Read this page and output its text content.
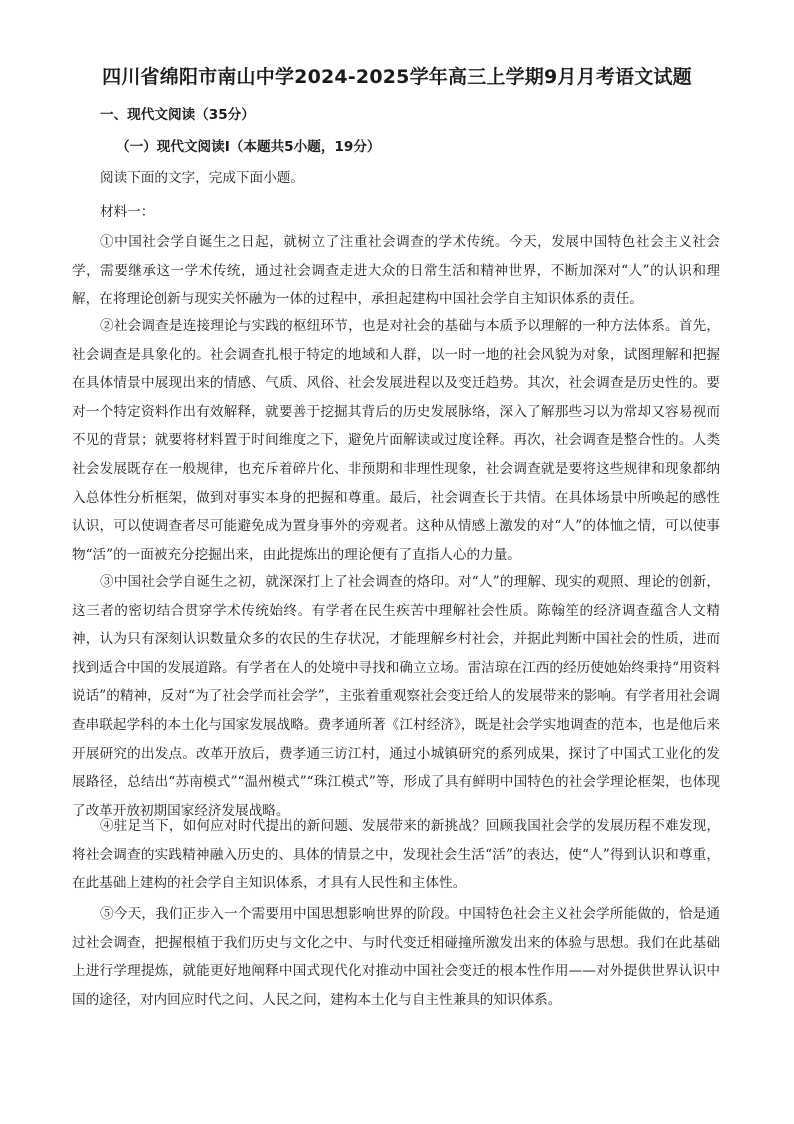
四川省绵阳市南山中学2024-2025学年高三上学期9月月考语文试题
一、现代文阅读（35分）
（一）现代文阅读Ⅰ（本题共5小题，19分）
阅读下面的文字，完成下面小题。
材料一：

①中国社会学自诞生之日起，就树立了注重社会调查的学术传统。今天，发展中国特色社会主义社会学，需要继承这一学术传统，通过社会调查走进大众的日常生活和精神世界，不断加深对“人”的认识和理解，在将理论创新与现实关怀融为一体的过程中，承担起建构中国社会学自主知识体系的责任。

②社会调查是连接理论与实践的枢纽环节，也是对社会的基础与本质予以理解的一种方法体系。首先，社会调查是具象化的。社会调查扎根于特定的地域和人群，以一时一地的社会风貌为对象，试图理解和把握在具体情景中展现出来的情感、气质、风俗、社会发展进程以及变迁趋势。其次，社会调查是历史性的。要对一个特定资料作出有效解释，就要善于挖掘其背后的历史发展脉络，深入了解那些习以为常却又容易视而不见的背景；就要将材料置于时间维度之下，避免片面解读或过度诠释。再次，社会调查是整合性的。人类社会发展既存在一般规律，也充斥着碎片化、非预期和非理性现象，社会调查就是要将这些规律和现象都纳入总体性分析框架，做到对事实本身的把握和尊重。最后，社会调查长于共情。在具体场景中所唤起的感性认识，可以使调查者尽可能避免成为置身事外的旁观者。这种从情感上激发的对“人”的体恤之情，可以使事物“活”的一面被充分挖掘出来，由此提炼出的理论便有了直指人心的力量。

③中国社会学自诞生之初，就深深打上了社会调查的烙印。对“人”的理解、现实的观照、理论的创新，这三者的密切结合贯穿学术传统始终。有学者在民生疾苦中理解社会性质。陈翰笙的经济调查蕴含人文精神，认为只有深刻认识数量众多的农民的生存状况，才能理解乡村社会，并据此判断中国社会的性质，进而找到适合中国的发展道路。有学者在人的处境中寻找和确立立场。雷洁琼在江西的经历使她始终秉持“用资料说话”的精神，反对“为了社会学而社会学”，主张着重观察社会变迁给人的发展带来的影响。有学者用社会调查串联起学科的本土化与国家发展战略。费孝通所著《江村经济》，既是社会学实地调查的范本，也是他后来开展研究的出发点。改革开放后，费孝通三访江村，通过小城镇研究的系列成果，探讨了中国式工业化的发展路径，总结出“苏南模式”“温州模式”“珠江模式”等，形成了具有鲜明中国特色的社会学理论框架，也体现了改革开放初期国家经济发展战略。

④驻足当下，如何应对时代提出的新问题、发展带来的新挑战？回顾我国社会学的发展历程不难发现，将社会调查的实践精神融入历史的、具体的情景之中，发现社会生活“活”的表达，使“人”得到认识和尊重，在此基础上建构的社会学自主知识体系，才具有人民性和主体性。

⑤今天，我们正步入一个需要用中国思想影响世界的阶段。中国特色社会主义社会学所能做的，恰是通过社会调查，把握根植于我们历史与文化之中、与时代变迁相碰撞所激发出来的体验与思想。我们在此基础上进行学理提炼，就能更好地阐释中国式现代化对推动中国社会变迁的根本性作用——对外提供世界认识中国的途径，对内回应时代之问、人民之问，建构本土化与自主性兼具的知识体系。
